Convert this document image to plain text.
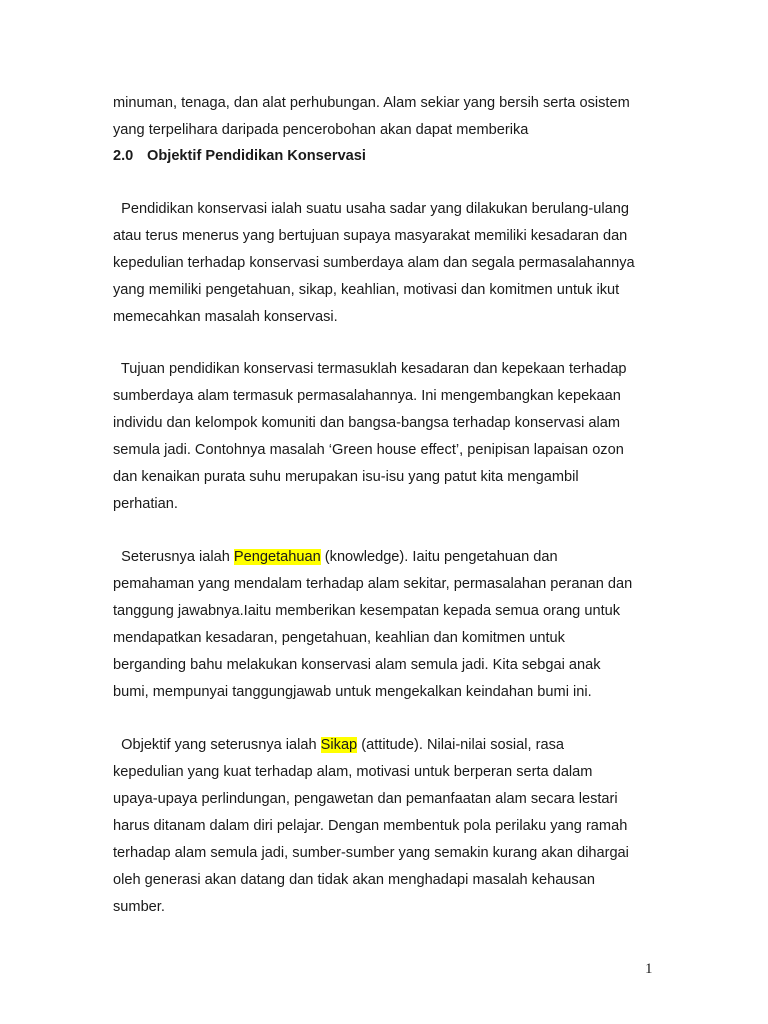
minuman, tenaga, dan alat perhubungan. Alam sekiar yang bersih serta osistem
yang terpelihara daripada pencerobohan akan dapat memberika
2.0 Objektif Pendidikan Konservasi
Pendidikan konservasi ialah suatu usaha sadar yang dilakukan berulang-ulang
atau terus menerus yang bertujuan supaya masyarakat memiliki kesadaran dan
kepedulian terhadap konservasi sumberdaya alam dan segala permasalahannya
yang memiliki pengetahuan, sikap, keahlian, motivasi dan komitmen untuk ikut
memecahkan masalah konservasi.
Tujuan pendidikan konservasi termasuklah kesadaran dan kepekaan terhadap
sumberdaya alam termasuk permasalahannya. Ini mengembangkan kepekaan
individu dan kelompok komuniti dan bangsa-bangsa terhadap konservasi alam
semula jadi. Contohnya masalah ‘Green house effect’, penipisan lapaisan ozon
dan kenaikan purata suhu merupakan isu-isu yang patut kita mengambil
perhatian.
Seterusnya ialah Pengetahuan (knowledge). Iaitu pengetahuan dan
pemahaman yang mendalam terhadap alam sekitar, permasalahan peranan dan
tanggung jawabnya.Iaitu memberikan kesempatan kepada semua orang untuk
mendapatkan kesadaran, pengetahuan, keahlian dan komitmen untuk
berganding bahu melakukan konservasi alam semula jadi. Kita sebgai anak
bumi, mempunyai tanggungjawab untuk mengekalkan keindahan bumi ini.
Objektif yang seterusnya ialah Sikap (attitude). Nilai-nilai sosial, rasa
kepedulian yang kuat terhadap alam, motivasi untuk berperan serta dalam
upaya-upaya perlindungan, pengawetan dan pemanfaatan alam secara lestari
harus ditanam dalam diri pelajar. Dengan membentuk pola perilaku yang ramah
terhadap alam semula jadi, sumber-sumber yang semakin kurang akan dihargai
oleh generasi akan datang dan tidak akan menghadapi masalah kehausan
sumber.
1
